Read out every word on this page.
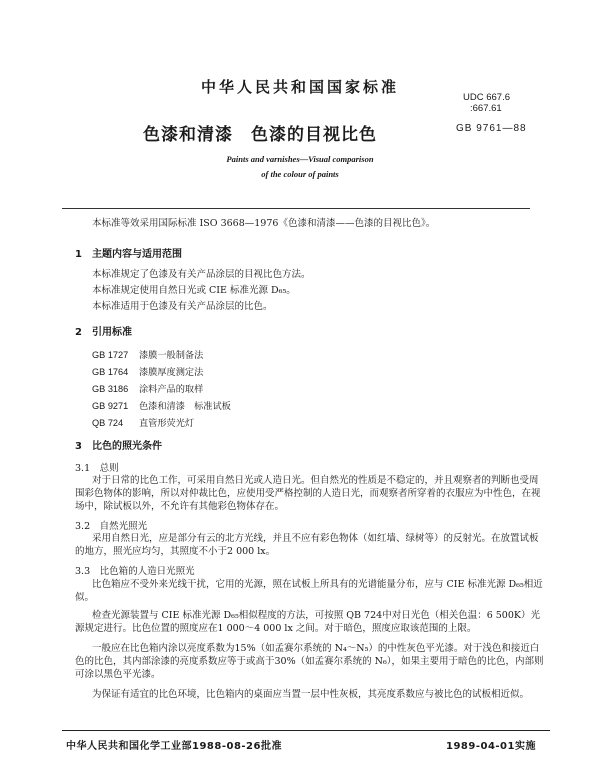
中华人民共和国国家标准
UDC 667.6
:667.61
色漆和清漆　色漆的目视比色	GB 9761—88
Paints and varnishes—Visual comparison
of the colour of paints
本标准等效采用国际标准 ISO 3668—1976《色漆和清漆——色漆的目视比色》。
1　主题内容与适用范围
本标准规定了色漆及有关产品涂层的目视比色方法。
本标准规定使用自然日光或 CIE 标准光源 D₆₅。
本标准适用于色漆及有关产品涂层的比色。
2　引用标准
GB 1727 漆膜一般制备法
GB 1764 漆膜厚度测定法
GB 3186 涂料产品的取样
GB 9271 色漆和清漆　标准试板
QB 724 直管形荧光灯
3　比色的照光条件
3.1　总则
对于日常的比色工作，可采用自然日光或人造日光。但自然光的性质是不稳定的，并且观察者的判断也受周围彩色物体的影响，所以对仲裁比色，应使用受严格控制的人造日光，而观察者所穿着的衣服应为中性色，在视场中，除试板以外，不允许有其他彩色物体存在。
3.2　自然光照光
采用自然日光，应是部分有云的北方光线，并且不应有彩色物体（如红墙、绿树等）的反射光。在放置试板的地方，照光应均匀，其照度不小于2 000 lx。
3.3　比色箱的人造日光照光
比色箱应不受外来光线干扰，它用的光源，照在试板上所具有的光谱能量分布，应与 CIE 标准光源 D₆₅相近似。
检查光源装置与 CIE 标准光源 D₆₅相似程度的方法，可按照 QB 724中对日光色（相关色温：6 500K）光源规定进行。比色位置的照度应在1 000～4 000 lx 之间。对于暗色，照度应取该范围的上限。
一般应在比色箱内涂以亮度系数为15%（如孟赛尔系统的 N₄～N₅）的中性灰色平光漆。对于浅色和接近白色的比色，其内部涂漆的亮度系数应等于或高于30%（如孟赛尔系统的 N₆），如果主要用于暗色的比色，内部则可涂以黑色平光漆。
为保证有适宜的比色环境，比色箱内的桌面应当置一层中性灰板，其亮度系数应与被比色的试板相近似。
中华人民共和国化学工业部1988-08-26批准	1989-04-01实施
